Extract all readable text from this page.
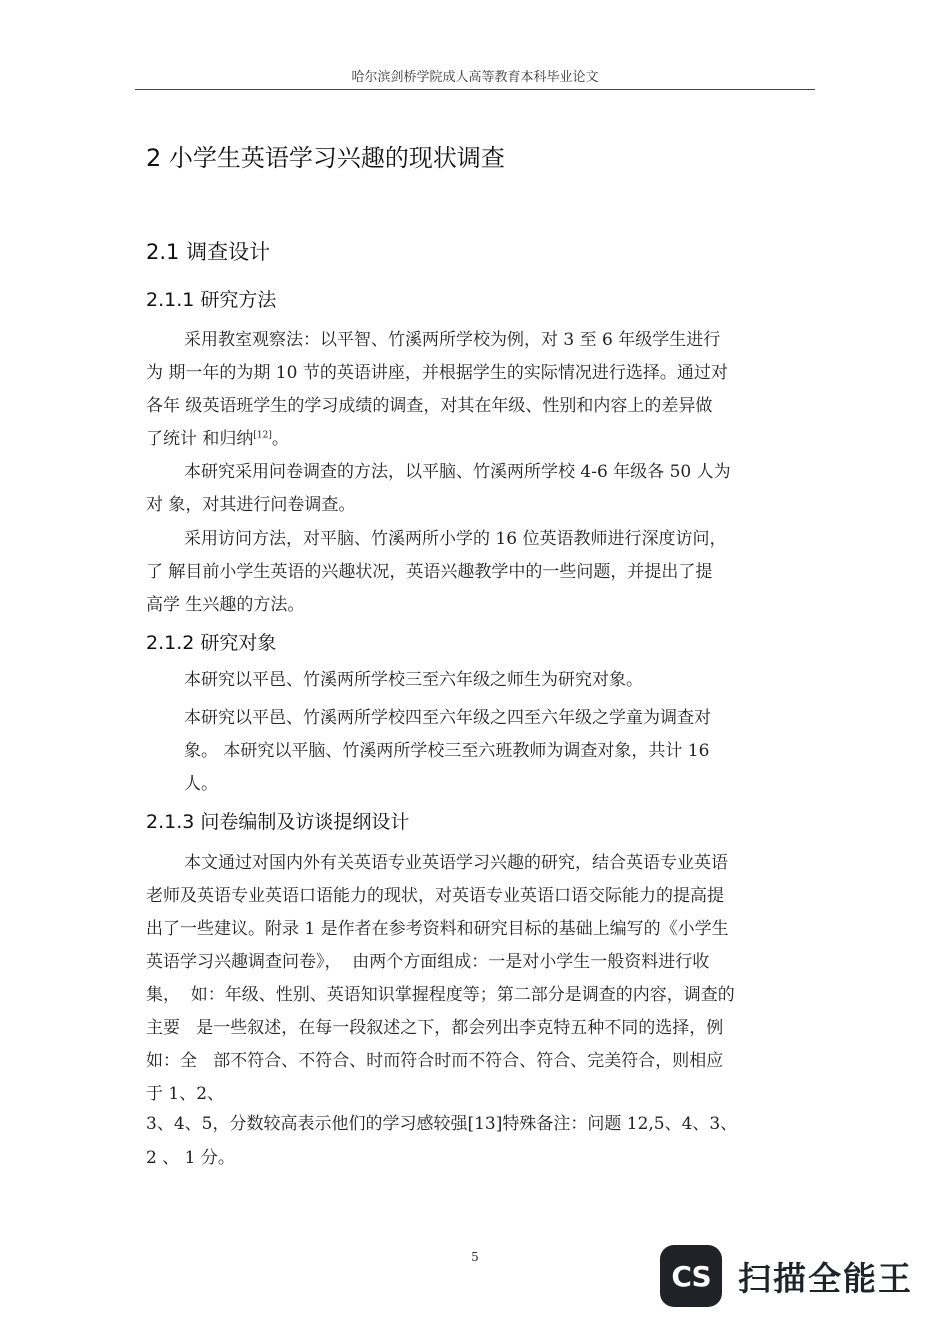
哈尔滨剑桥学院成人高等教育本科毕业论文
2 小学生英语学习兴趣的现状调查
2.1 调查设计
2.1.1 研究方法
采用教室观察法：以平智、竹溪两所学校为例，对 3 至 6 年级学生进行
为 期一年的为期 10 节的英语讲座，并根据学生的实际情况进行选择。通过对
各年 级英语班学生的学习成绩的调查，对其在年级、性别和内容上的差异做
了统计 和归纳[12]。
本研究采用问卷调查的方法，以平脑、竹溪两所学校 4-6 年级各 50 人为
对 象，对其进行问卷调查。
采用访问方法，对平脑、竹溪两所小学的 16 位英语教师进行深度访问，
了 解目前小学生英语的兴趣状况，英语兴趣教学中的一些问题，并提出了提
高学 生兴趣的方法。
2.1.2 研究对象
本研究以平邑、竹溪两所学校三至六年级之师生为研究对象。
本研究以平邑、竹溪两所学校四至六年级之四至六年级之学童为调查对
象。 本研究以平脑、竹溪两所学校三至六班教师为调查对象，共计 16
人。
2.1.3 问卷编制及访谈提纲设计
本文通过对国内外有关英语专业英语学习兴趣的研究，结合英语专业英语
老师及英语专业英语口语能力的现状，对英语专业英语口语交际能力的提高提
出了一些建议。附录 1 是作者在参考资料和研究目标的基础上编写的《小学生
英语学习兴趣调查问卷》，  由两个方面组成：一是对小学生一般资料进行收
集，  如：年级、性别、英语知识掌握程度等；第二部分是调查的内容，调查的
主要   是一些叙述，在每一段叙述之下，都会列出李克特五种不同的选择，例
如：全   部不符合、不符合、时而符合时而不符合、符合、完美符合，则相应
于 1、2、
3、4、5，分数较高表示他们的学习感较强[13]特殊备注：问题 12,5、4、3、
2 、 1 分。
5
CS 扫描全能王
